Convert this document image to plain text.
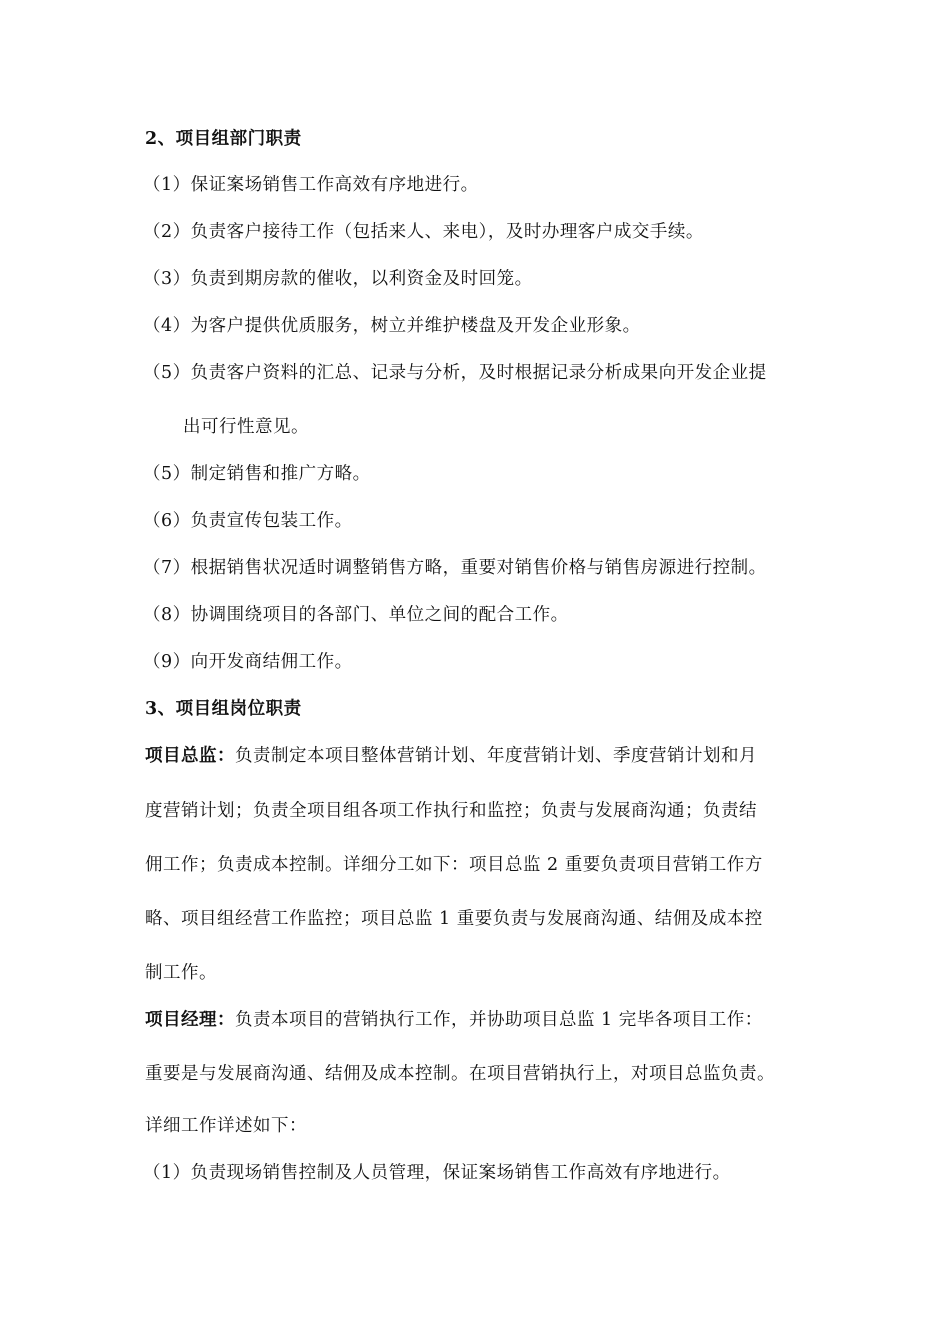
2、项目组部门职责
（1）保证案场销售工作高效有序地进行。
（2）负责客户接待工作（包括来人、来电），及时办理客户成交手续。
（3）负责到期房款的催收，以利资金及时回笼。
（4）为客户提供优质服务，树立并维护楼盘及开发企业形象。
（5）负责客户资料的汇总、记录与分析，及时根据记录分析成果向开发企业提
出可行性意见。
（5）制定销售和推广方略。
（6）负责宣传包装工作。
（7）根据销售状况适时调整销售方略，重要对销售价格与销售房源进行控制。
（8）协调围绕项目的各部门、单位之间的配合工作。
（9）向开发商结佣工作。
3、项目组岗位职责
项目总监：负责制定本项目整体营销计划、年度营销计划、季度营销计划和月
度营销计划；负责全项目组各项工作执行和监控；负责与发展商沟通；负责结
佣工作；负责成本控制。详细分工如下：项目总监 2 重要负责项目营销工作方
略、项目组经营工作监控；项目总监 1 重要负责与发展商沟通、结佣及成本控
制工作。
项目经理：负责本项目的营销执行工作，并协助项目总监 1 完毕各项目工作：
重要是与发展商沟通、结佣及成本控制。在项目营销执行上，对项目总监负责。
详细工作详述如下：
（1）负责现场销售控制及人员管理，保证案场销售工作高效有序地进行。
